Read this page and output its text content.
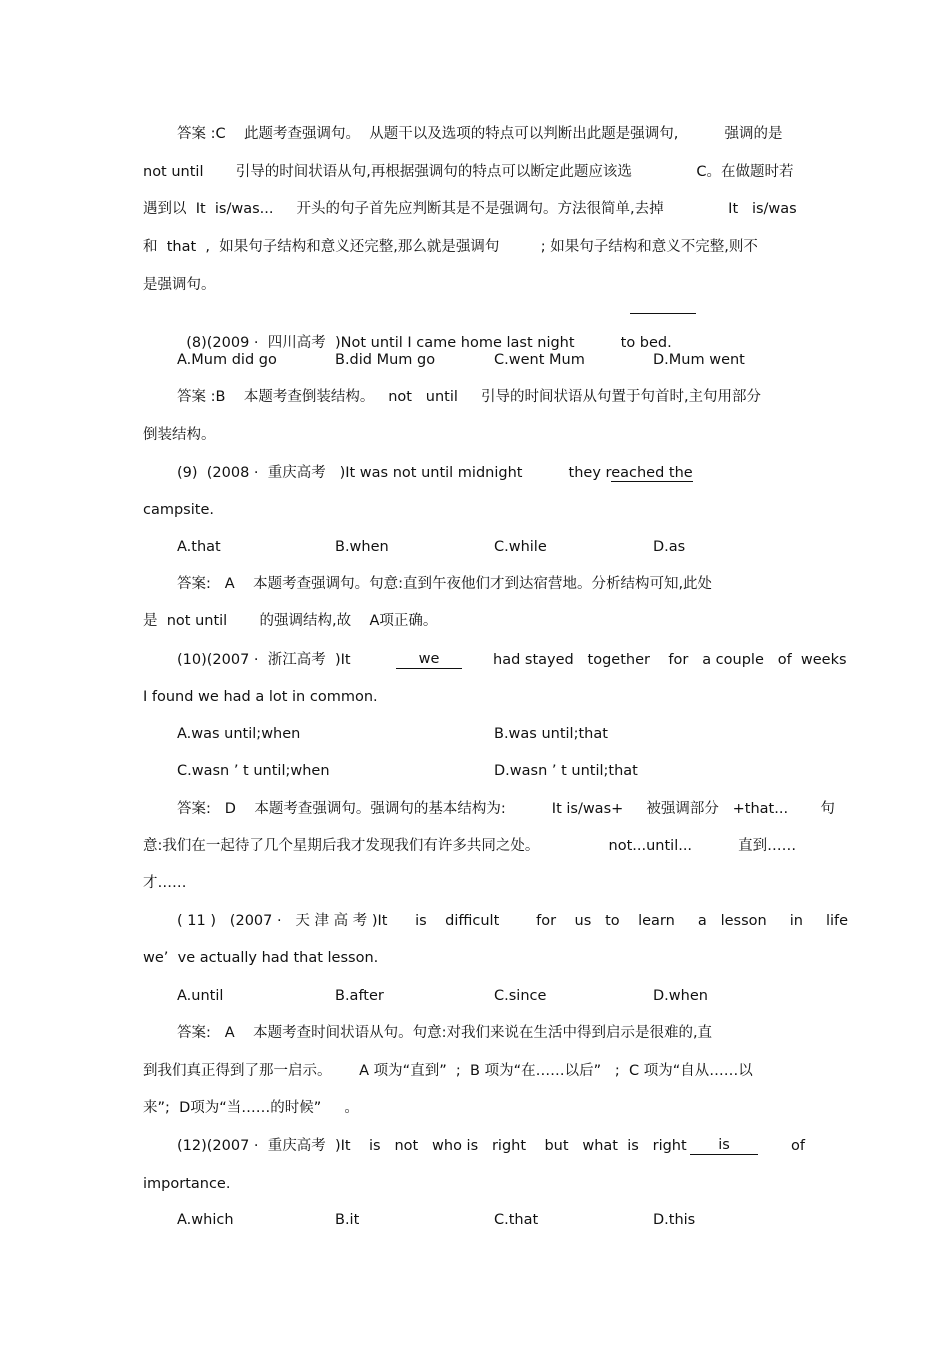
答案 :C    此题考查强调句。  从题干以及选项的特点可以判断出此题是强调句,          强调的是
not until       引导的时间状语从句,再根据强调句的特点可以断定此题应该选              C。在做题时若
遇到以  It  is/was...     开头的句子首先应判断其是不是强调句。方法很简单,去掉              It   is/was
和  that  ,  如果句子结构和意义还完整,那么就是强调句         ; 如果句子结构和意义不完整,则不
是强调句。

(8)(2009 ·  四川高考  )Not until I came home last night          to bed.

A.Mum did go	B.did Mum go	C.went Mum	D.Mum went
答案 :B    本题考查倒装结构。   not   until     引导的时间状语从句置于句首时,主句用部分
倒装结构。
(9)  (2008 ·  重庆高考   )It was not until midnight          they reached the
campsite.
A.that	B.when	C.while	D.as
答案:   A    本题考查强调句。句意:直到午夜他们才到达宿营地。分析结构可知,此处
是  not until       的强调结构,故    A项正确。
(10)(2007 ·  浙江高考  )It	we	had stayed   together    for   a couple   of  weeks
I found we had a lot in common.
A.was until;when	B.was until;that
C.wasn ’ t until;when	D.wasn ’ t until;that
答案:   D    本题考查强调句。强调句的基本结构为:          It is/was+     被强调部分   +that...       句
意:我们在一起待了几个星期后我才发现我们有许多共同之处。               not...until...          直到……
才……
( 11 )   (2007 ·   天 津 高 考 )It      is    difficult        for    us   to    learn     a   lesson     in     life
we’  ve actually had that lesson.
A.until	B.after	C.since	D.when
答案:   A    本题考查时间状语从句。句意:对我们来说在生活中得到启示是很难的,直
到我们真正得到了那一启示。      A 项为“直到”  ;  B 项为“在……以后”   ;  C 项为“自从……以
来”;  D项为“当……的时候”     。
(12)(2007 ·  重庆高考  )It    is   not   who is   right    but   what  is   right	is	of
importance.
A.which	B.it	C.that	D.this
